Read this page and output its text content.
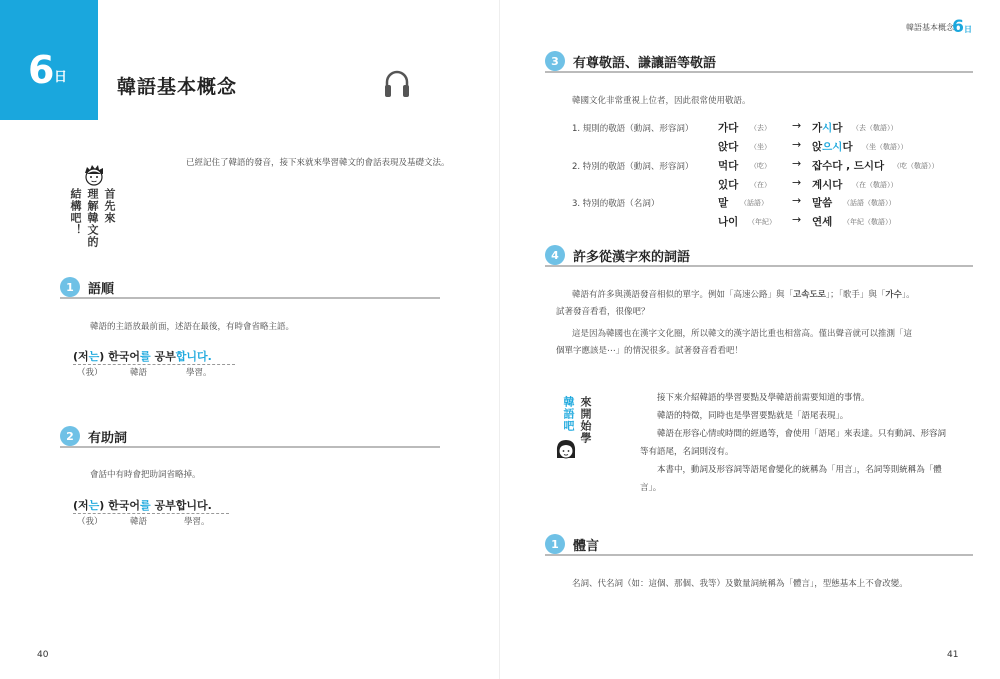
6 日	韓語基本概念
首先來
理解韓文的
結構吧！
已經記住了韓語的發音，接下來就來學習韓文的會話表現及基礎文法。
1	語順
韓語的主語放最前面，述語在最後，有時會省略主語。
(저는) 한국어를 공부합니다.
（我）	韓語	學習。
2	有助詞
會話中有時會把助詞省略掉。
(저는) 한국어를 공부합니다.
（我）	韓語	學習。
40
韓語基本概念
6日
3	有尊敬語、謙讓語等敬語
韓國文化非常重視上位者，因此很常使用敬語。
1. 規則的敬語（動詞、形容詞） 가다 （去） → 가시다 （去（敬語））
앉다 （坐） → 앉으시다 （坐（敬語））
2. 特別的敬語（動詞、形容詞） 먹다 （吃） → 잡수다 , 드시다 （吃（敬語））
있다 （在） → 계시다 （在（敬語））
3. 特別的敬語（名詞）	말 （話語） → 말씀 （話語（敬語））
나이 （年紀） → 연세 （年紀（敬語））
4	許多從漢字來的詞語
韓語有許多與漢語發音相似的單字。例如「高速公路」與「고속도로」；「歌手」與「가수」。
試著發音看看，很像吧？
這是因為韓國也在漢字文化圈，所以韓文的漢字語比重也相當高。僅出聲音就可以推測「這
個單字應該是⋯」的情況很多。試著發音看看吧！
來開始學
韓語吧	接下來介紹韓語的學習要點及學韓語前需要知道的事情。
韓語的特徵，同時也是學習要點就是「語尾表現」。
韓語在形容心情或時間的經過等，會使用「語尾」來表達。只有動詞、形容詞
等有語尾，名詞則沒有。
本書中，動詞及形容詞等語尾會變化的統稱為「用言」，名詞等則統稱為「體
言」。
1	體言
名詞、代名詞（如：這個、那個、我等）及數量詞統稱為「體言」，型態基本上不會改變。
41
